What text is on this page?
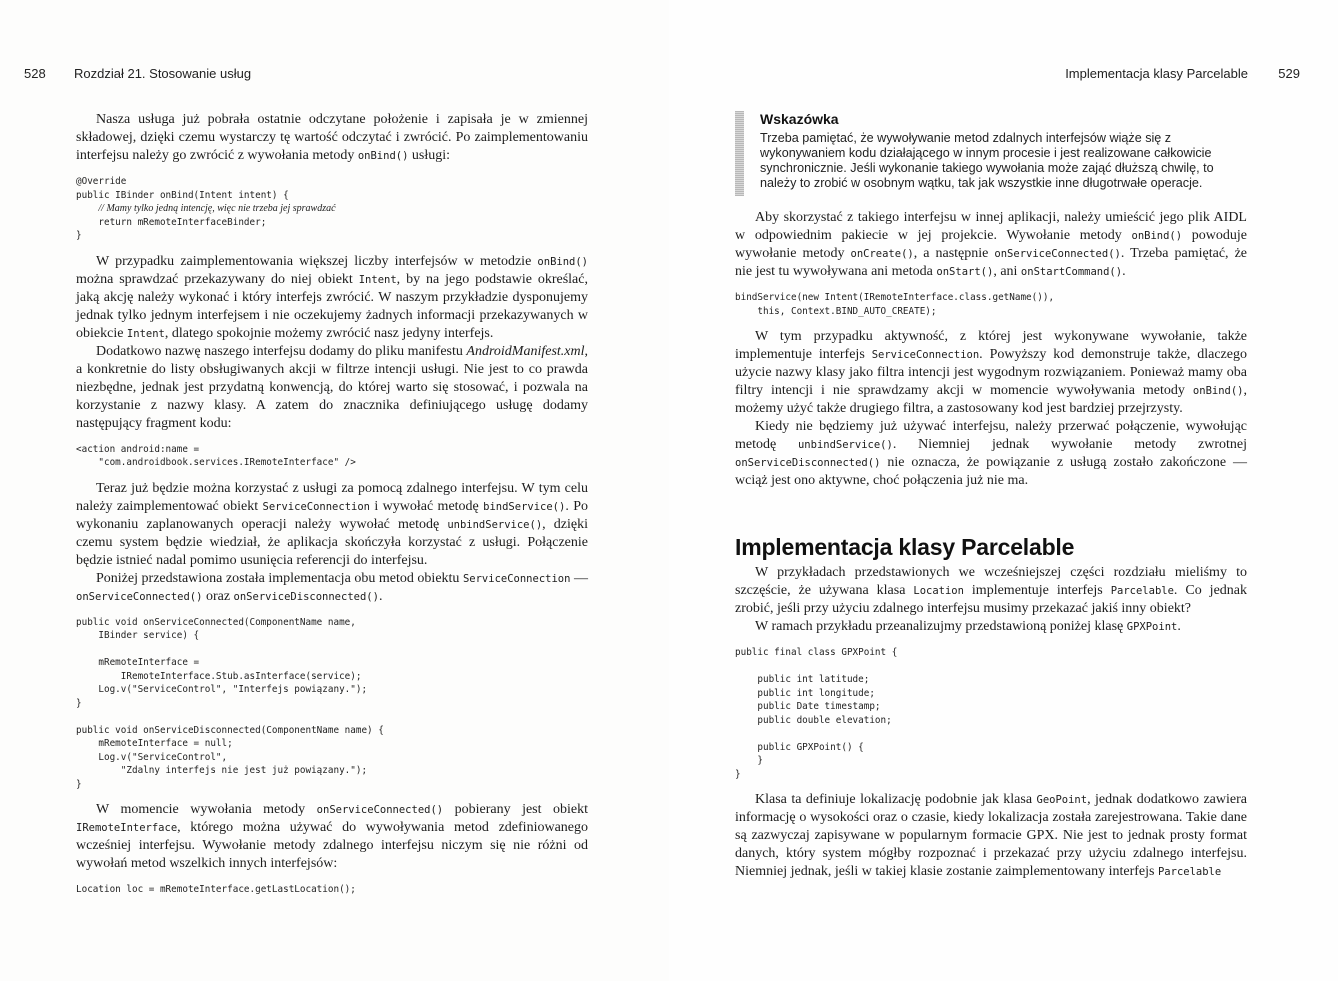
528 Rozdział 21. Stosowanie usług

Nasza usługa już pobrała ostatnie odczytane położenie i zapisała je w zmiennej składowej, dzięki czemu wystarczy tę wartość odczytać i zwrócić. Po zaimplementowaniu interfejsu należy go zwrócić z wywołania metody onBind() usługi:

@Override
public IBinder onBind(Intent intent) {
// Mamy tylko jedną intencję, więc nie trzeba jej sprawdzać
return mRemoteInterfaceBinder;
}

W przypadku zaimplementowania większej liczby interfejsów w metodzie onBind() można sprawdzać przekazywany do niej obiekt Intent, by na jego podstawie określać, jaką akcję należy wykonać i który interfejs zwrócić. W naszym przykładzie dysponujemy jednak tylko jednym interfejsem i nie oczekujemy żadnych informacji przekazywanych w obiekcie Intent, dlatego spokojnie możemy zwrócić nasz jedyny interfejs.

Dodatkowo nazwę naszego interfejsu dodamy do pliku manifestu AndroidManifest.xml, a konkretnie do listy obsługiwanych akcji w filtrze intencji usługi. Nie jest to co prawda niezbędne, jednak jest przydatną konwencją, do której warto się stosować, i pozwala na korzystanie z nazwy klasy. A zatem do znacznika definiującego usługę dodamy następujący fragment kodu:

<action android:name =
"com.androidbook.services.IRemoteInterface" />

Teraz już będzie można korzystać z usługi za pomocą zdalnego interfejsu. W tym celu należy zaimplementować obiekt ServiceConnection i wywołać metodę bindService(). Po wykonaniu zaplanowanych operacji należy wywołać metodę unbindService(), dzięki czemu system będzie wiedział, że aplikacja skończyła korzystać z usługi. Połączenie będzie istnieć nadal pomimo usunięcia referencji do interfejsu.

Poniżej przedstawiona została implementacja obu metod obiektu ServiceConnection — onServiceConnected() oraz onServiceDisconnected().

public void onServiceConnected(ComponentName name,
IBinder service) {

mRemoteInterface =
IRemoteInterface.Stub.asInterface(service);
Log.v("ServiceControl", "Interfejs powiązany.");
}

public void onServiceDisconnected(ComponentName name) {
mRemoteInterface = null;
Log.v("ServiceControl",
"Zdalny interfejs nie jest już powiązany.");
}

W momencie wywołania metody onServiceConnected() pobierany jest obiekt IRemoteInterface, którego można używać do wywoływania metod zdefiniowanego wcześniej interfejsu. Wywołanie metody zdalnego interfejsu niczym się nie różni od wywołań metod wszelkich innych interfejsów:

Location loc = mRemoteInterface.getLastLocation();
Implementacja klasy Parcelable 529

Wskazówka

Trzeba pamiętać, że wywoływanie metod zdalnych interfejsów wiąże się z wykonywaniem kodu działającego w innym procesie i jest realizowane całkowicie synchronicznie. Jeśli wykonanie takiego wywołania może zająć dłuższą chwilę, to należy to zrobić w osobnym wątku, tak jak wszystkie inne długotrwałe operacje.

Aby skorzystać z takiego interfejsu w innej aplikacji, należy umieścić jego plik AIDL w odpowiednim pakiecie w jej projekcie. Wywołanie metody onBind() powoduje wywołanie metody onCreate(), a następnie onServiceConnected(). Trzeba pamiętać, że nie jest tu wywoływana ani metoda onStart(), ani onStartCommand().

bindService(new Intent(IRemoteInterface.class.getName()),
this, Context.BIND_AUTO_CREATE);

W tym przypadku aktywność, z której jest wykonywane wywołanie, także implementuje interfejs ServiceConnection. Powyższy kod demonstruje także, dlaczego użycie nazwy klasy jako filtra intencji jest wygodnym rozwiązaniem. Ponieważ mamy oba filtry intencji i nie sprawdzamy akcji w momencie wywoływania metody onBind(), możemy użyć także drugiego filtra, a zastosowany kod jest bardziej przejrzysty.

Kiedy nie będziemy już używać interfejsu, należy przerwać połączenie, wywołując metodę unbindService(). Niemniej jednak wywołanie metody zwrotnej onServiceDisconnected() nie oznacza, że powiązanie z usługą zostało zakończone — wciąż jest ono aktywne, choć połączenia już nie ma.

Implementacja klasy Parcelable

W przykładach przedstawionych we wcześniejszej części rozdziału mieliśmy to szczęście, że używana klasa Location implementuje interfejs Parcelable. Co jednak zrobić, jeśli przy użyciu zdalnego interfejsu musimy przekazać jakiś inny obiekt?

W ramach przykładu przeanalizujmy przedstawioną poniżej klasę GPXPoint.

public final class GPXPoint {

public int latitude;
public int longitude;
public Date timestamp;
public double elevation;

public GPXPoint() {
}
}

Klasa ta definiuje lokalizację podobnie jak klasa GeoPoint, jednak dodatkowo zawiera informację o wysokości oraz o czasie, kiedy lokalizacja została zarejestrowana. Takie dane są zazwyczaj zapisywane w popularnym formacie GPX. Nie jest to jednak prosty format danych, który system mógłby rozpoznać i przekazać przy użyciu zdalnego interfejsu. Niemniej jednak, jeśli w takiej klasie zostanie zaimplementowany interfejs Parcelable
